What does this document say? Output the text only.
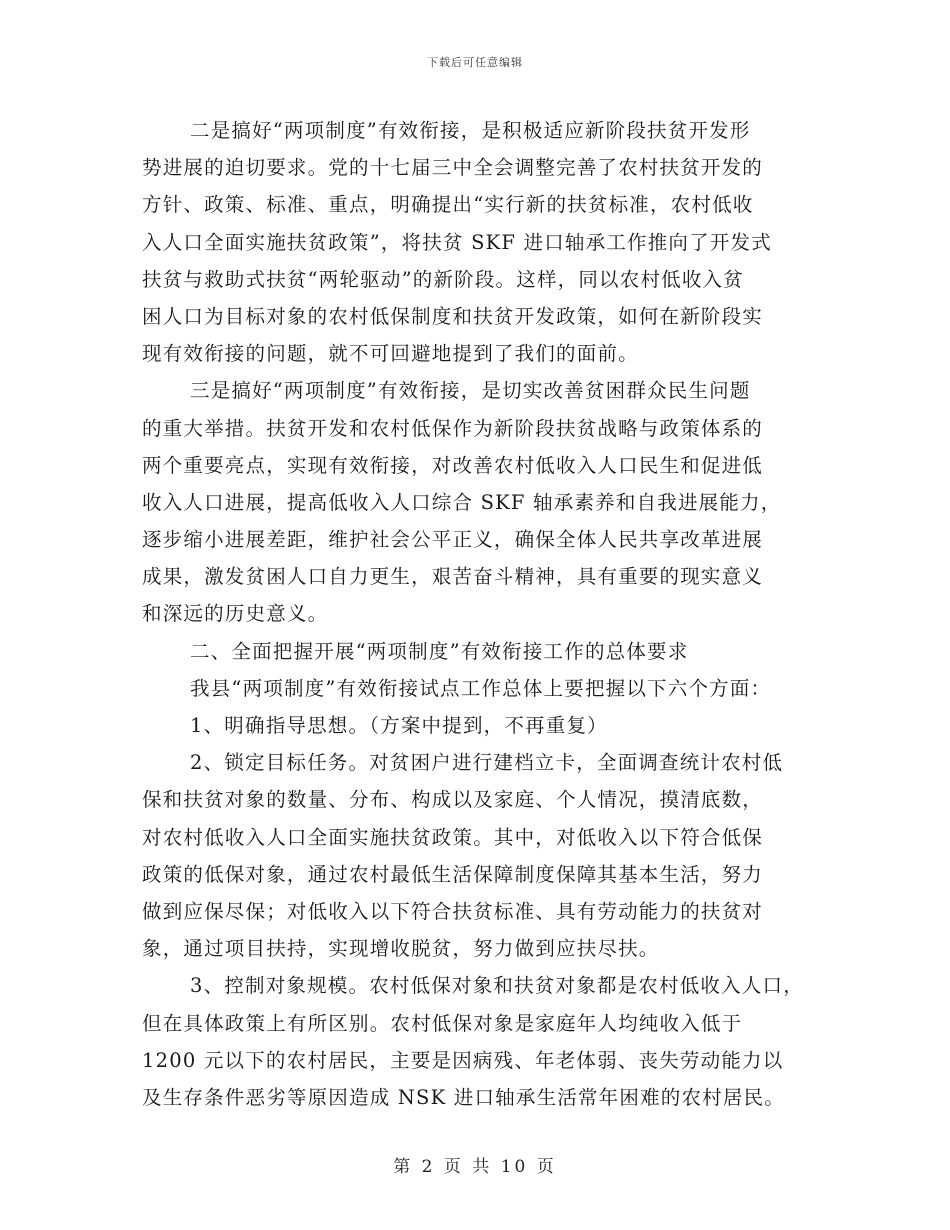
下载后可任意编辑
二是搞好“两项制度”有效衔接，是积极适应新阶段扶贫开发形
势进展的迫切要求。党的十七届三中全会调整完善了农村扶贫开发的
方针、政策、标准、重点，明确提出“实行新的扶贫标准，农村低收
入人口全面实施扶贫政策”，将扶贫 SKF 进口轴承工作推向了开发式
扶贫与救助式扶贫“两轮驱动”的新阶段。这样，同以农村低收入贫
困人口为目标对象的农村低保制度和扶贫开发政策，如何在新阶段实
现有效衔接的问题，就不可回避地提到了我们的面前。
三是搞好“两项制度”有效衔接，是切实改善贫困群众民生问题
的重大举措。扶贫开发和农村低保作为新阶段扶贫战略与政策体系的
两个重要亮点，实现有效衔接，对改善农村低收入人口民生和促进低
收入人口进展，提高低收入人口综合 SKF 轴承素养和自我进展能力，
逐步缩小进展差距，维护社会公平正义，确保全体人民共享改革进展
成果，激发贫困人口自力更生，艰苦奋斗精神，具有重要的现实意义
和深远的历史意义。
二、全面把握开展“两项制度”有效衔接工作的总体要求
我县“两项制度”有效衔接试点工作总体上要把握以下六个方面：
1、明确指导思想。（方案中提到，不再重复）
2、锁定目标任务。对贫困户进行建档立卡，全面调查统计农村低
保和扶贫对象的数量、分布、构成以及家庭、个人情况，摸清底数，
对农村低收入人口全面实施扶贫政策。其中，对低收入以下符合低保
政策的低保对象，通过农村最低生活保障制度保障其基本生活，努力
做到应保尽保；对低收入以下符合扶贫标准、具有劳动能力的扶贫对
象，通过项目扶持，实现增收脱贫，努力做到应扶尽扶。
3、控制对象规模。农村低保对象和扶贫对象都是农村低收入人口，
但在具体政策上有所区别。农村低保对象是家庭年人均纯收入低于
1200 元以下的农村居民，主要是因病残、年老体弱、丧失劳动能力以
及生存条件恶劣等原因造成 NSK 进口轴承生活常年困难的农村居民。
第 2 页 共 10 页
